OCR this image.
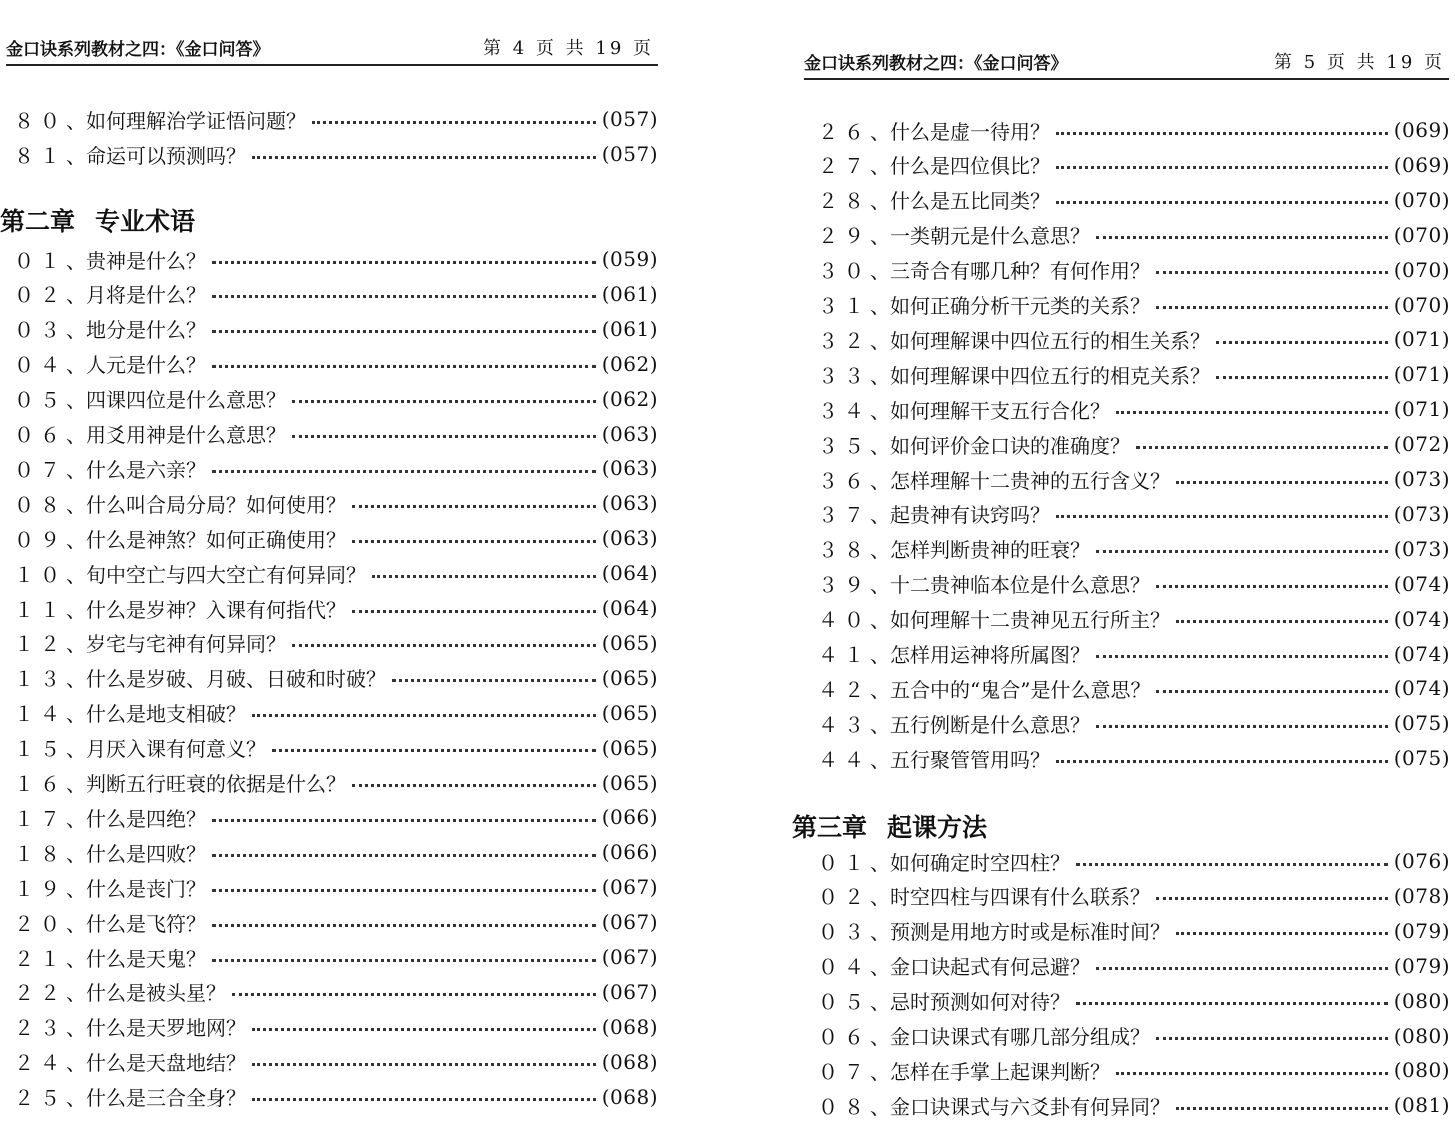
金口诀系列教材之四：《金口问答》	第 4 页 共 19 页
第二章 专业术语
８０ 、如何理解治学证悟问题？	(057)
８１ 、命运可以预测吗？	(057)
０１ 、贵神是什么？	(059)
０２ 、月将是什么？	(061)
０３ 、地分是什么？	(061)
０４ 、人元是什么？	(062)
０５ 、四课四位是什么意思？	(062)
０６ 、用爻用神是什么意思？	(063)
０７ 、什么是六亲？	(063)
０８ 、什么叫合局分局？如何使用？	(063)
０９ 、什么是神煞？如何正确使用？	(063)
１０ 、旬中空亡与四大空亡有何异同？	(064)
１１ 、什么是岁神？入课有何指代？	(064)
１２ 、岁宅与宅神有何异同？	(065)
１３ 、什么是岁破、月破、日破和时破？	(065)
１４ 、什么是地支相破？	(065)
１５ 、月厌入课有何意义？	(065)
１６ 、判断五行旺衰的依据是什么？	(065)
１７ 、什么是四绝？	(066)
１８ 、什么是四败？	(066)
１９ 、什么是丧门？	(067)
２０ 、什么是飞符？	(067)
２１ 、什么是天鬼？	(067)
２２ 、什么是被头星？	(067)
２３ 、什么是天罗地网？	(068)
２４ 、什么是天盘地结？	(068)
２５ 、什么是三合全身？	(068)
金口诀系列教材之四：《金口问答》	第 5 页 共 19 页
２６ 、什么是虚一待用？	(069)
２７ 、什么是四位俱比？	(069)
２８ 、什么是五比同类？	(070)
２９ 、一类朝元是什么意思？	(070)
３０ 、三奇合有哪几种？有何作用？	(070)
３１ 、如何正确分析干元类的关系？	(070)
３２ 、如何理解课中四位五行的相生关系？	(071)
３３ 、如何理解课中四位五行的相克关系？	(071)
３４ 、如何理解干支五行合化？	(071)
３５ 、如何评价金口诀的准确度？	(072)
３６ 、怎样理解十二贵神的五行含义？	(073)
３７ 、起贵神有诀窍吗？	(073)
３８ 、怎样判断贵神的旺衰？	(073)
３９ 、十二贵神临本位是什么意思？	(074)
４０ 、如何理解十二贵神见五行所主？	(074)
４１ 、怎样用运神将所属图？	(074)
４２ 、五合中的“鬼合”是什么意思？	(074)
４３ 、五行例断是什么意思？	(075)
４４ 、五行聚管管用吗？	(075)
第三章 起课方法
０１ 、如何确定时空四柱？	(076)
０２ 、时空四柱与四课有什么联系？	(078)
０３ 、预测是用地方时或是标准时间？	(079)
０４ 、金口诀起式有何忌避？	(079)
０５ 、忌时预测如何对待？	(080)
０６ 、金口诀课式有哪几部分组成？	(080)
０７ 、怎样在手掌上起课判断？	(080)
０８ 、金口诀课式与六爻卦有何异同？	(081)
